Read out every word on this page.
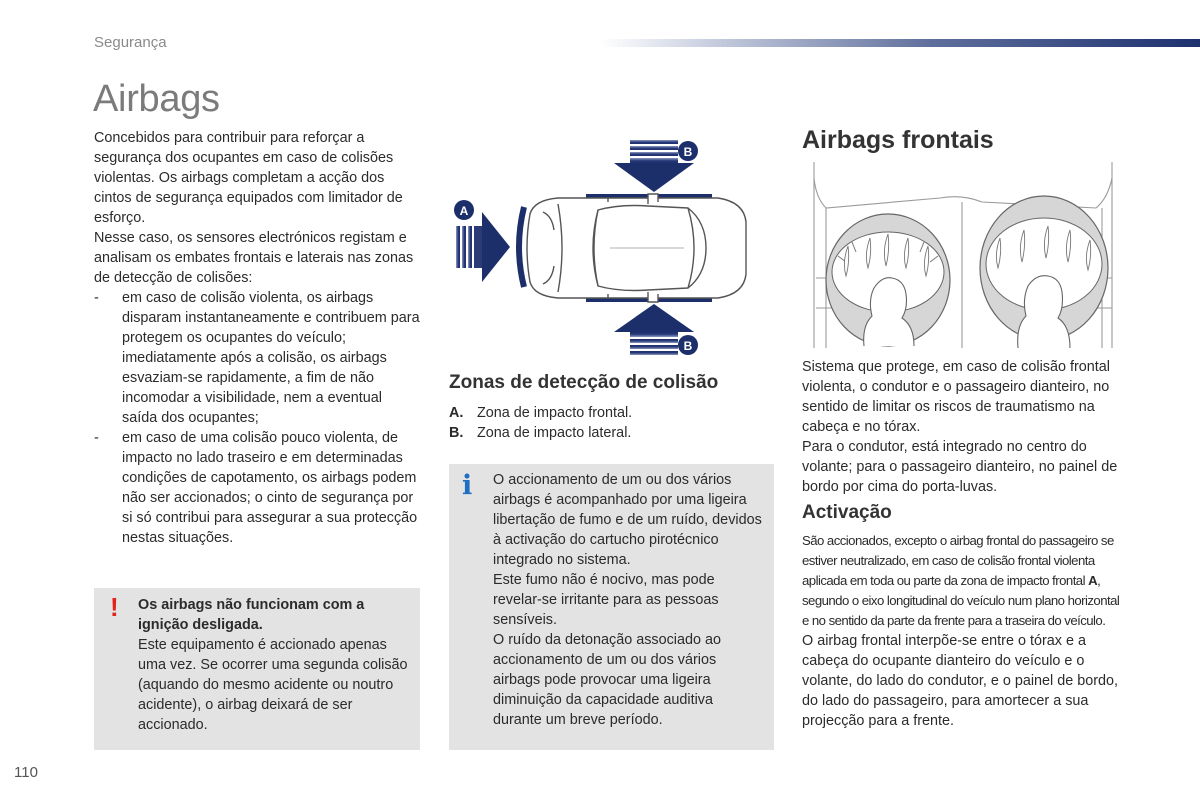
Segurança
Airbags

Concebidos para contribuir para reforçar a segurança dos ocupantes em caso de colisões violentas. Os airbags completam a acção dos cintos de segurança equipados com limitador de esforço.

Nesse caso, os sensores electrónicos registam e analisam os embates frontais e laterais nas zonas de detecção de colisões:

- em caso de colisão violenta, os airbags disparam instantaneamente e contribuem para protegem os ocupantes do veículo; imediatamente após a colisão, os airbags esvaziam-se rapidamente, a fim de não incomodar a visibilidade, nem a eventual saída dos ocupantes;

- em caso de uma colisão pouco violenta, de impacto no lado traseiro e em determinadas condições de capotamento, os airbags podem não ser accionados; o cinto de segurança por si só contribui para assegurar a sua protecção nestas situações.

! Os airbags não funcionam com a ignição desligada.
Este equipamento é accionado apenas uma vez. Se ocorrer uma segunda colisão (aquando do mesmo acidente ou noutro acidente), o airbag deixará de ser accionado.
A
B
B
Zonas de detecção de colisão
A. Zona de impacto frontal.
B. Zona de impacto lateral.
i O accionamento de um ou dos vários airbags é acompanhado por uma ligeira libertação de fumo e de um ruído, devidos à activação do cartucho pirotécnico integrado no sistema.
Este fumo não é nocivo, mas pode revelar-se irritante para as pessoas sensíveis.
O ruído da detonação associado ao accionamento de um ou dos vários airbags pode provocar uma ligeira diminuição da capacidade auditiva durante um breve período.
Airbags frontais

Sistema que protege, em caso de colisão frontal violenta, o condutor e o passageiro dianteiro, no sentido de limitar os riscos de traumatismo na cabeça e no tórax.

Para o condutor, está integrado no centro do volante; para o passageiro dianteiro, no painel de bordo por cima do porta-luvas.

Activação
São accionados, excepto o airbag frontal do passageiro se estiver neutralizado, em caso de colisão frontal violenta aplicada em toda ou parte da zona de impacto frontal A, segundo o eixo longitudinal do veículo num plano horizontal e no sentido da parte da frente para a traseira do veículo.
O airbag frontal interpõe-se entre o tórax e a cabeça do ocupante dianteiro do veículo e o volante, do lado do condutor, e o painel de bordo, do lado do passageiro, para amortecer a sua projecção para a frente.
110
